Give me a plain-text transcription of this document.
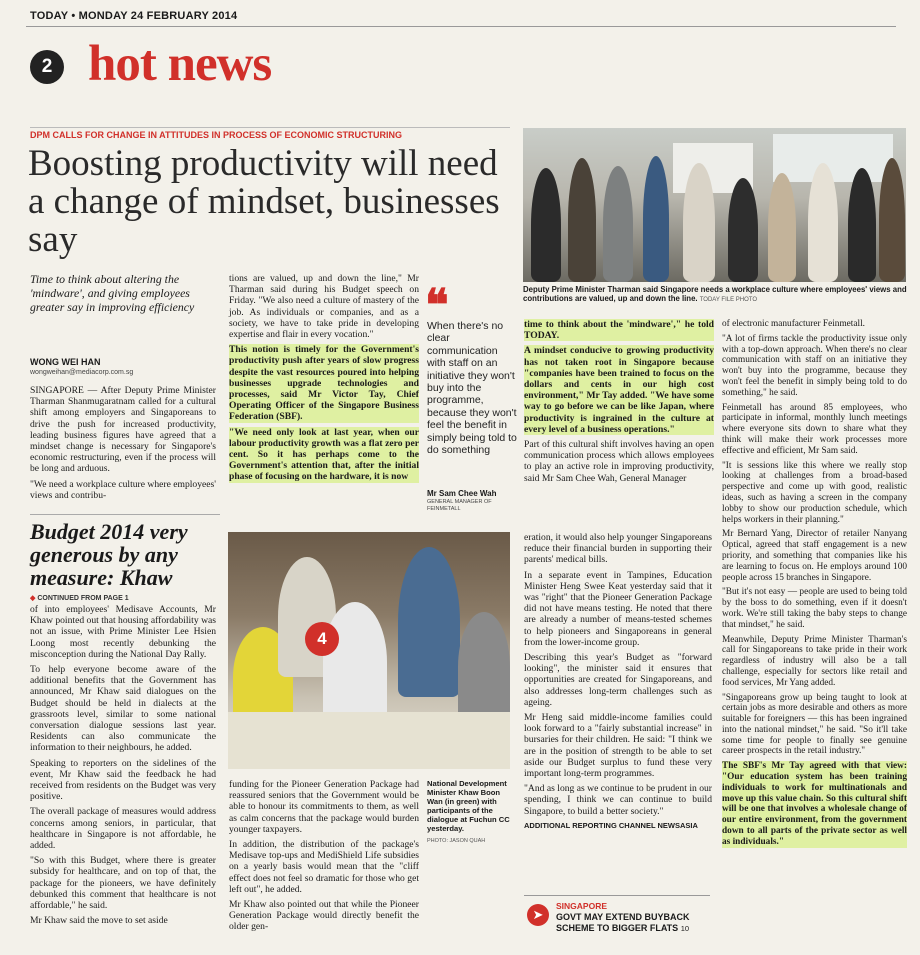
TODAY • MONDAY 24 FEBRUARY 2014
2 hot news
DPM CALLS FOR CHANGE IN ATTITUDES IN PROCESS OF ECONOMIC STRUCTURING
Boosting productivity will need a change of mindset, businesses say
Deputy Prime Minister Tharman said Singapore needs a workplace culture where employees' views and contributions are valued, up and down the line. TODAY FILE PHOTO
Time to think about altering the 'mindware', and giving employees greater say in improving efficiency
WONG WEI HAN
wongweihan@mediacorp.com.sg

SINGAPORE — After Deputy Prime Minister Tharman Shanmugaratnam called for a cultural shift among employers and Singaporeans to drive the push for increased productivity, leading business figures have agreed that a mindset change is necessary for Singapore's economic restructuring, even if the process will be long and arduous.

"We need a workplace culture where employees' views and contribu-

tions are valued, up and down the line," Mr Tharman said during his Budget speech on Friday. "We also need a culture of mastery of the job. As individuals or companies, and as a society, we have to take pride in developing expertise and flair in every vocation."

This notion is timely for the Government's productivity push after years of slow progress despite the vast resources poured into helping businesses upgrade technologies and processes, said Mr Victor Tay, Chief Operating Officer of the Singapore Business Federation (SBF).

"We need only look at last year, when our labour productivity growth was a flat zero per cent. So it has perhaps come to the Government's attention that, after the initial phase of focusing on the hardware, it is now

❝
When there's no clear communication with staff on an initiative they won't buy into the programme, because they won't feel the benefit in simply being told to do something
Mr Sam Chee Wah
GENERAL MANAGER OF FEINMETALL

time to think about the 'mindware'," he told TODAY.

A mindset conducive to growing productivity has not taken root in Singapore because "companies have been trained to focus on the dollars and cents in our high cost environment," Mr Tay added. "We have some way to go before we can be like Japan, where productivity is ingrained in the culture at every level of a business operations."

Part of this cultural shift involves having an open communication process which allows employees to play an active role in improving productivity, said Mr Sam Chee Wah, General Manager

of electronic manufacturer Feinmetall.

"A lot of firms tackle the productivity issue only with a top-down approach. When there's no clear communication with staff on an initiative they won't buy into the programme, because they won't feel the benefit in simply being told to do something," he said.

Feinmetall has around 85 employees, who participate in informal, monthly lunch meetings where everyone sits down to share what they think will make their work processes more effective and efficient, Mr Sam said.

"It is sessions like this where we really stop looking at challenges from a broad-based perspective and come up with good, realistic ideas, such as having a screen in the company lobby to show our production schedule, which helps workers in their planning."

Mr Bernard Yang, Director of retailer Nanyang Optical, agreed that staff engagement is a new priority, and something that companies like his are learning to focus on. He employs around 100 people across 15 branches in Singapore.

"But it's not easy — people are used to being told by the boss to do something, even if it doesn't work. We're still taking the baby steps to change that mindset," he said.

Meanwhile, Deputy Prime Minister Tharman's call for Singaporeans to take pride in their work regardless of industry will also be a tall challenge, especially for sectors like retail and food services, Mr Yang added.

"Singaporeans grow up being taught to look at certain jobs as more desirable and others as more suitable for foreigners — this has been ingrained into the national mindset," he said. "So it'll take some time for people to finally see genuine career prospects in the retail industry."

The SBF's Mr Tay agreed with that view: "Our education system has been training individuals to work for multinationals and move up this value chain. So this cultural shift will be one that involves a wholesale change of our entire environment, from the government down to all parts of the private sector as well as individuals."

Budget 2014 very generous by any measure: Khaw
◆ CONTINUED FROM PAGE 1

of into employees' Medisave Accounts, Mr Khaw pointed out that housing affordability was not an issue, with Prime Minister Lee Hsien Loong most recently debunking the misconception during the National Day Rally.

To help everyone become aware of the additional benefits that the Government has announced, Mr Khaw said dialogues on the Budget should be held in dialects at the grassroots level, similar to some national conversation dialogue sessions last year. Residents can also communicate the information to their neighbours, he added.

Speaking to reporters on the sidelines of the event, Mr Khaw said the feedback he had received from residents on the Budget was very positive.

The overall package of measures would address concerns among seniors, in particular, that healthcare in Singapore is not affordable, he added.

"So with this Budget, where there is greater subsidy for healthcare, and on top of that, the package for the pioneers, we have definitely debunked this comment that healthcare is not affordable," he said.

Mr Khaw said the move to set aside

4
National Development Minister Khaw Boon Wan (in green) with participants of the dialogue at Fuchun CC yesterday.
PHOTO: JASON QUAH

funding for the Pioneer Generation Package had reassured seniors that the Government would be able to honour its commitments to them, as well as calm concerns that the package would burden younger taxpayers.

In addition, the distribution of the package's Medisave top-ups and MediShield Life subsidies on a yearly basis would mean that the "cliff effect does not feel so dramatic for those who get left out", he added.

Mr Khaw also pointed out that while the Pioneer Generation Package would directly benefit the older gen-

eration, it would also help younger Singaporeans reduce their financial burden in supporting their parents' medical bills.

In a separate event in Tampines, Education Minister Heng Swee Keat yesterday said that it was "right" that the Pioneer Generation Package did not have means testing. He noted that there are already a number of means-tested schemes to help pioneers and Singaporeans in general from the lower-income group.

Describing this year's Budget as "forward looking", the minister said it ensures that opportunities are created for Singaporeans, and also addresses long-term challenges such as ageing.

Mr Heng said middle-income families could look forward to a "fairly substantial increase" in bursaries for their children. He said: "I think we are in the position of strength to be able to set aside our Budget surplus to fund these very important long-term programmes.

"And as long as we continue to be prudent in our spending, I think we can continue to build Singapore, to build a better society."

ADDITIONAL REPORTING CHANNEL NEWSASIA

➤
SINGAPORE
GOVT MAY EXTEND BUYBACK SCHEME TO BIGGER FLATS 10
